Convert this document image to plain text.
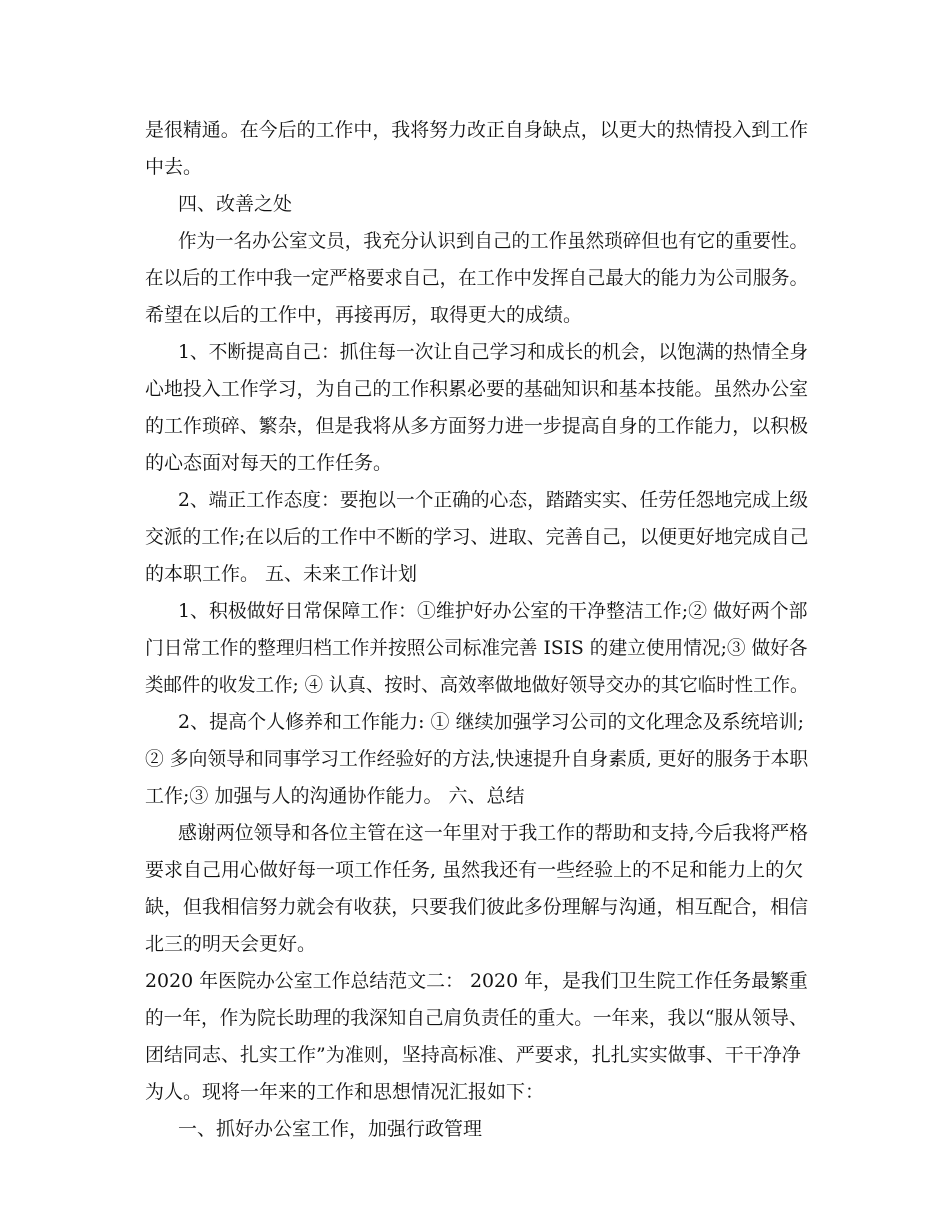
是很精通。在今后的工作中，我将努力改正自身缺点，以更大的热情投入到工作
中去。
四、改善之处
作为一名办公室文员，我充分认识到自己的工作虽然琐碎但也有它的重要性。
在以后的工作中我一定严格要求自己，在工作中发挥自己最大的能力为公司服务。
希望在以后的工作中，再接再厉，取得更大的成绩。
1、不断提高自己：抓住每一次让自己学习和成长的机会，以饱满的热情全身
心地投入工作学习，为自己的工作积累必要的基础知识和基本技能。虽然办公室
的工作琐碎、繁杂，但是我将从多方面努力进一步提高自身的工作能力，以积极
的心态面对每天的工作任务。
2、端正工作态度：要抱以一个正确的心态，踏踏实实、任劳任怨地完成上级
交派的工作;在以后的工作中不断的学习、进取、完善自己，以便更好地完成自己
的本职工作。 五、未来工作计划
1、积极做好日常保障工作：①维护好办公室的干净整洁工作;② 做好两个部
门日常工作的整理归档工作并按照公司标准完善 ISIS 的建立使用情况;③ 做好各
类邮件的收发工作; ④ 认真、按时、高效率做地做好领导交办的其它临时性工作。
2、提高个人修养和工作能力: ① 继续加强学习公司的文化理念及系统培训;
② 多向领导和同事学习工作经验好的方法,快速提升自身素质, 更好的服务于本职
工作;③ 加强与人的沟通协作能力。 六、总结
感谢两位领导和各位主管在这一年里对于我工作的帮助和支持,今后我将严格
要求自己用心做好每一项工作任务, 虽然我还有一些经验上的不足和能力上的欠
缺，但我相信努力就会有收获，只要我们彼此多份理解与沟通，相互配合，相信
北三的明天会更好。
2020 年医院办公室工作总结范文二： 2020 年，是我们卫生院工作任务最繁重
的一年，作为院长助理的我深知自己肩负责任的重大。一年来，我以“服从领导、
团结同志、扎实工作”为准则，坚持高标准、严要求，扎扎实实做事、干干净净
为人。现将一年来的工作和思想情况汇报如下：
一、抓好办公室工作，加强行政管理
